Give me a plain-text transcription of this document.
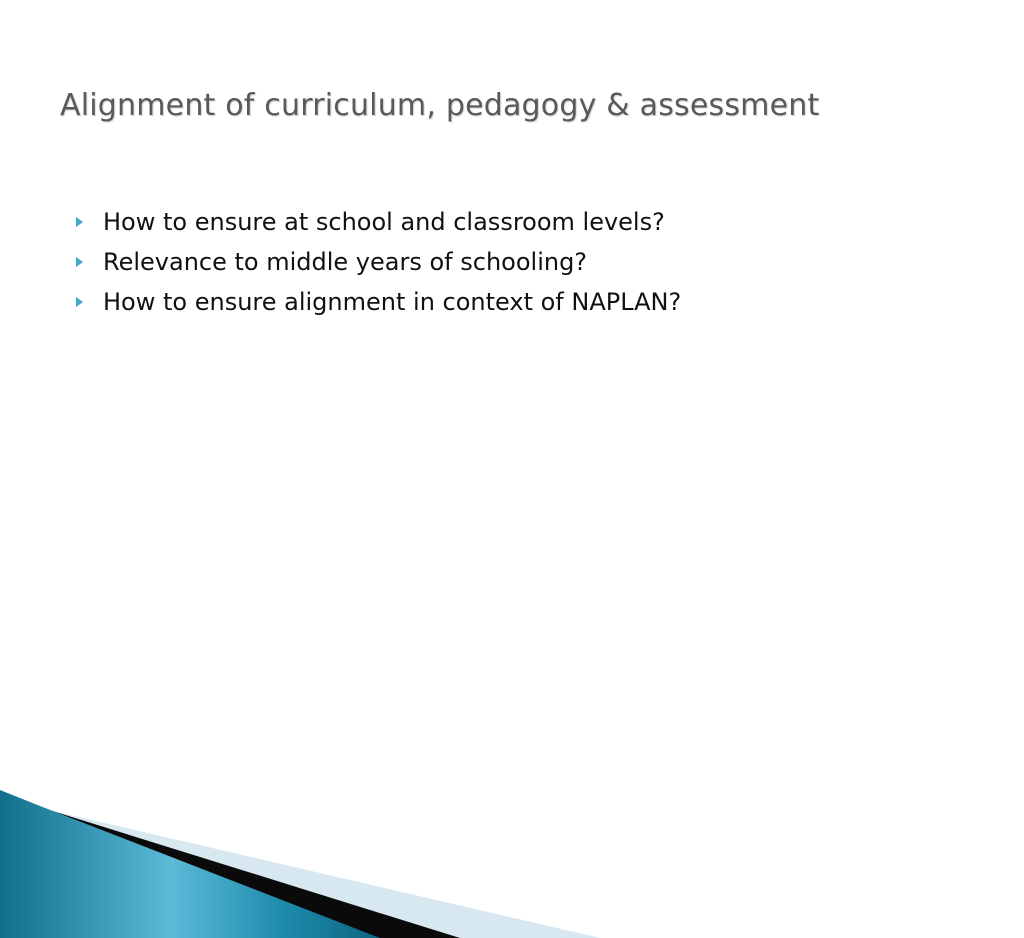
Alignment of curriculum, pedagogy & assessment
How to ensure at school and classroom levels?
Relevance to middle years of schooling?
How to ensure alignment in context of NAPLAN?
